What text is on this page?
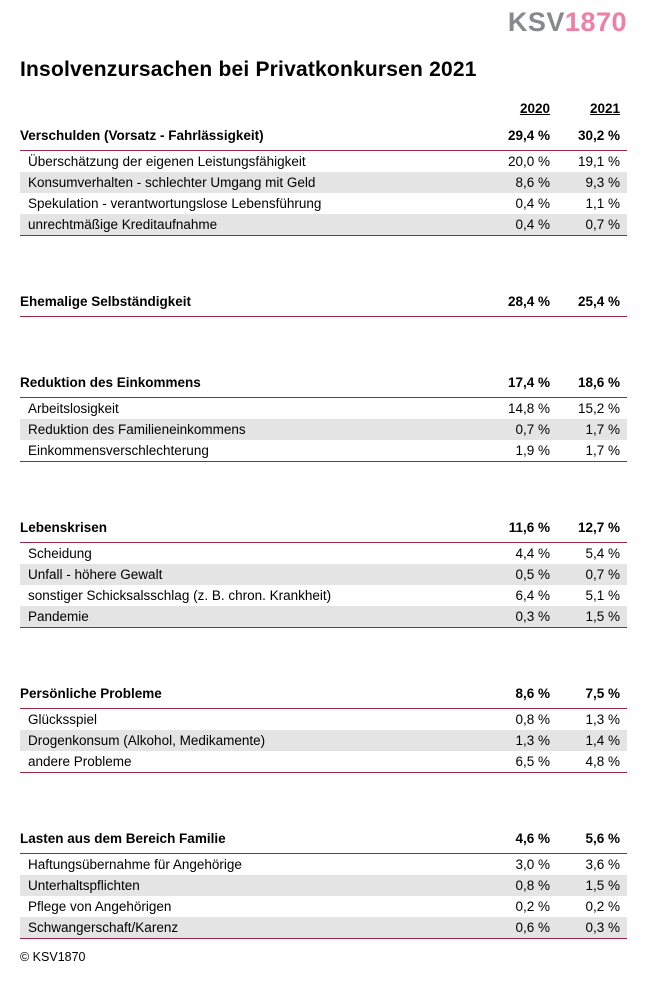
KSV1870
Insolvenzursachen bei Privatkonkursen 2021
2020	2021
Verschulden (Vorsatz - Fahrlässigkeit)	29,4 %	30,2 %
Überschätzung der eigenen Leistungsfähigkeit	20,0 %	19,1 %
Konsumverhalten - schlechter Umgang mit Geld	8,6 %	9,3 %
Spekulation - verantwortungslose Lebensführung	0,4 %	1,1 %
unrechtmäßige Kreditaufnahme	0,4 %	0,7 %
Ehemalige Selbständigkeit	28,4 %	25,4 %
Reduktion des Einkommens	17,4 %	18,6 %
Arbeitslosigkeit	14,8 %	15,2 %
Reduktion des Familieneinkommens	0,7 %	1,7 %
Einkommensverschlechterung	1,9 %	1,7 %
Lebenskrisen	11,6 %	12,7 %
Scheidung	4,4 %	5,4 %
Unfall - höhere Gewalt	0,5 %	0,7 %
sonstiger Schicksalsschlag (z. B. chron. Krankheit)	6,4 %	5,1 %
Pandemie	0,3 %	1,5 %
Persönliche Probleme	8,6 %	7,5 %
Glücksspiel	0,8 %	1,3 %
Drogenkonsum (Alkohol, Medikamente)	1,3 %	1,4 %
andere Probleme	6,5 %	4,8 %
Lasten aus dem Bereich Familie	4,6 %	5,6 %
Haftungsübernahme für Angehörige	3,0 %	3,6 %
Unterhaltspflichten	0,8 %	1,5 %
Pflege von Angehörigen	0,2 %	0,2 %
Schwangerschaft/Karenz	0,6 %	0,3 %
© KSV1870
